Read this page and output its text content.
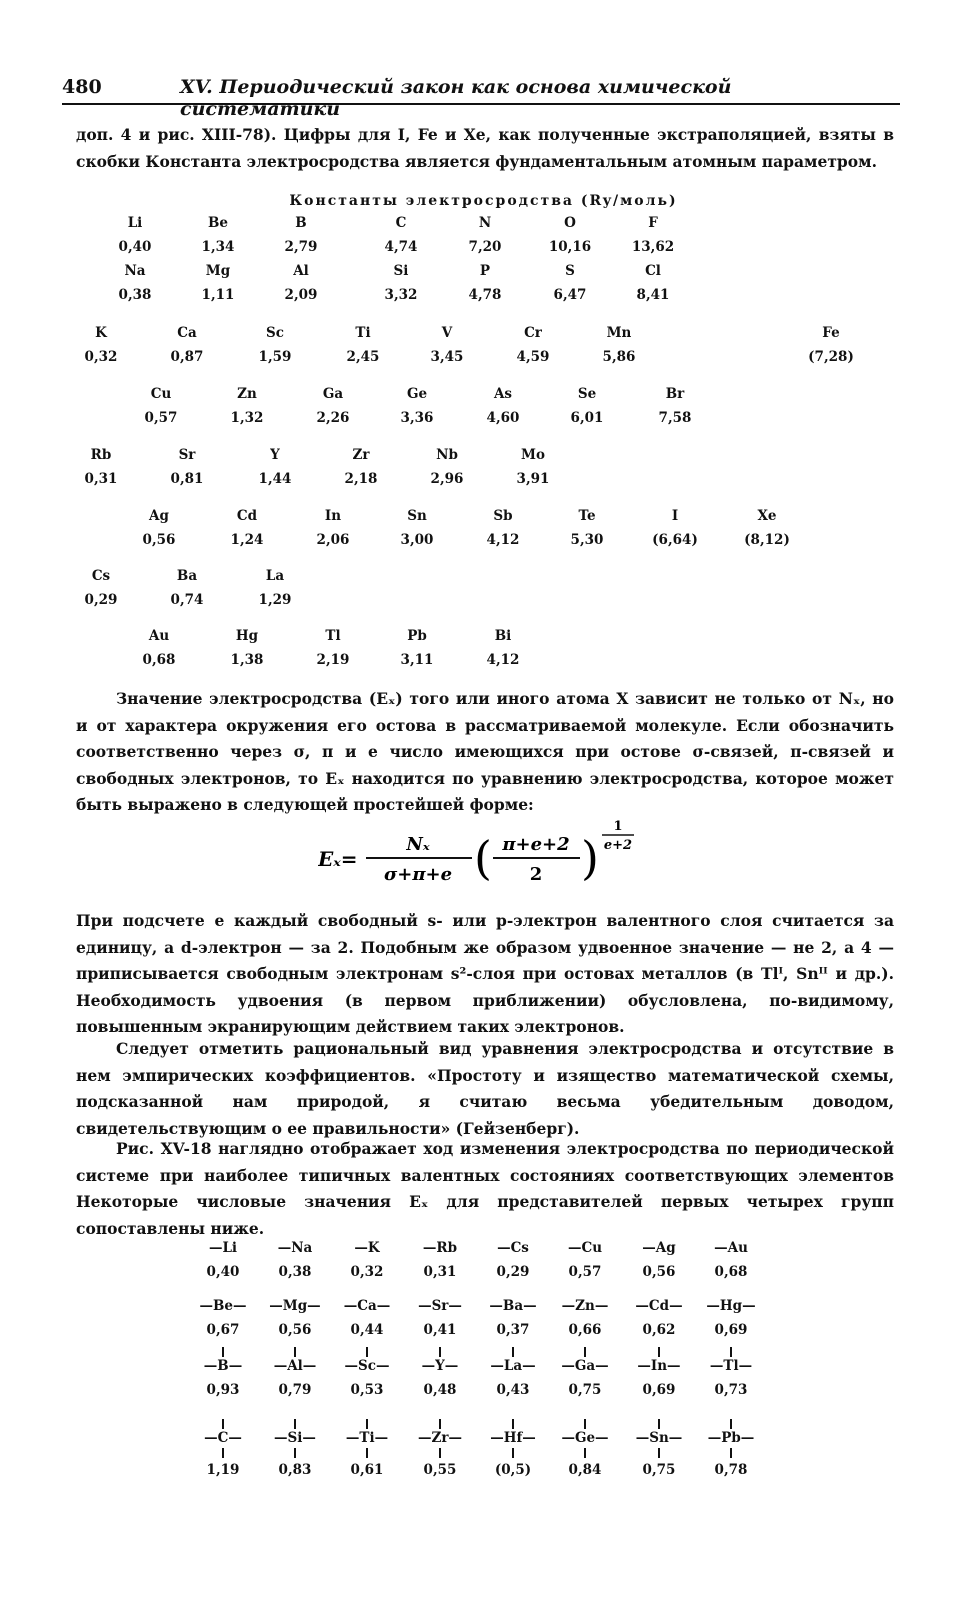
480	XV. Периодический закон как основа химической систематики
доп. 4 и рис. XIII-78). Цифры для I, Fe и Xe, как полученные экстраполяцией, взяты в скобки Константа электросродства является фундаментальным атомным параметром.
Константы электросродства (Ry/моль)
Li
0,40
Be
1,34
B
2,79
C
4,74
N
7,20
O
10,16
F
13,62
Na
0,38
Mg
1,11
Al
2,09
Si
3,32
P
4,78
S
6,47
Cl
8,41
K
0,32
Ca
0,87
Sc
1,59
Ti
2,45
V
3,45
Cr
4,59
Mn
5,86
Fe
(7,28)
Cu
0,57
Zn
1,32
Ga
2,26
Ge
3,36
As
4,60
Se
6,01
Br
7,58
Rb
0,31
Sr
0,81
Y
1,44
Zr
2,18
Nb
2,96
Mo
3,91
Ag
0,56
Cd
1,24
In
2,06
Sn
3,00
Sb
4,12
Te
5,30
I
(6,64)
Xe
(8,12)
Cs
0,29
Ba
0,74
La
1,29
Au
0,68
Hg
1,38
Tl
2,19
Pb
3,11
Bi
4,12
Значение электросродства (Eₓ) того или иного атома X зависит не только от Nₓ, но и от характера окружения его остова в рассматриваемой молекуле. Если обозначить соответственно через σ, π и e число имеющихся при остове σ-связей, π-связей и свободных электронов, то Eₓ находится по уравнению электросродства, которое может быть выражено в следующей простейшей форме:
Eₓ=
Nₓ
σ+π+e ( π+e+2
2 )
1
e+2
При подсчете e каждый свободный s- или p-электрон валентного слоя считается за единицу, a d-электрон — за 2. Подобным же образом удвоенное значение — не 2, а 4 — приписывается свободным электронам s²-слоя при остовах металлов (в Tlᴵ, Snᴵᴵ и др.). Необходимость удвоения (в первом приближении) обусловлена, по-видимому, повышенным экранирующим действием таких электронов.
Следует отметить рациональный вид уравнения электросродства и отсутствие в нем эмпирических коэффициентов. «Простоту и изящество математической схемы, подсказанной нам природой, я считаю весьма убедительным доводом, свидетельствующим о ее правильности» (Гейзенберг).
Рис. XV-18 наглядно отображает ход изменения электросродства по периодической системе при наиболее типичных валентных состояниях соответствующих элементов Некоторые числовые значения Eₓ для представителей первых четырех групп сопоставлены ниже.
—Li
0,40
—Na
0,38
—K
0,32
—Rb
0,31
—Cs
0,29
—Cu
0,57
—Ag
0,56
—Au
0,68
—Be—
0,67
—Mg—
0,56
—Ca—
0,44
—Sr—
0,41
—Ba—
0,37
—Zn—
0,66
—Cd—
0,62
—Hg—
0,69
—B—
0,93
—Al—
0,79
—Sc—
0,53
—Y—
0,48
—La—
0,43
—Ga—
0,75
—In—
0,69
—Tl—
0,73
—C—
1,19
—Si—
0,83
—Ti—
0,61
—Zr—
0,55
—Hf—
(0,5)
—Ge—
0,84
—Sn—
0,75
—Pb—
0,78
